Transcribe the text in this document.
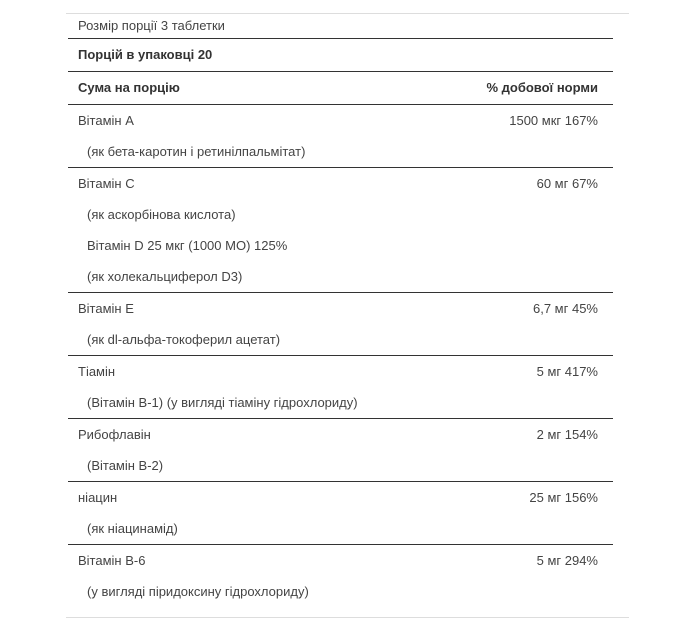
Розмір порції 3 таблетки	
Порцій в упаковці 20	
Сума на порцію	% добової норми
Вітамін A	1500 мкг 167%
(як бета-каротин і ретинілпальмітат)	
Вітамін C	60 мг 67%
(як аскорбінова кислота)	
Вітамін D 25 мкг (1000 МО) 125%	
(як холекальциферол D3)	
Вітамін E	6,7 мг 45%
(як dl-альфа-токоферил ацетат)	
Тіамін	5 мг 417%
(Вітамін B-1) (у вигляді тіаміну гідрохлориду)	
Рибофлавін	2 мг 154%
(Вітамін B-2)	
ніацин	25 мг 156%
(як ніацинамід)	
Вітамін B-6	5 мг 294%
(у вигляді піридоксину гідрохлориду)	
